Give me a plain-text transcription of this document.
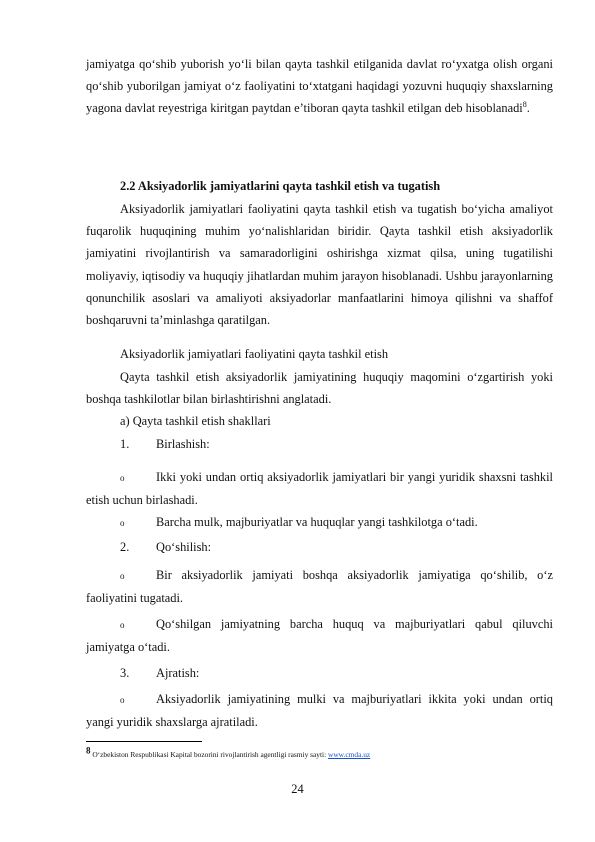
jamiyatga qo‘shib yuborish yo‘li bilan qayta tashkil etilganida davlat ro‘yxatga olish organi qo‘shib yuborilgan jamiyat o‘z faoliyatini to‘xtatgani haqidagi yozuvni huquqiy shaxslarning yagona davlat reyestriga kiritgan paytdan e’tiboran qayta tashkil etilgan deb hisoblanadi$^8$.
2.2 Aksiyadorlik jamiyatlarini qayta tashkil etish va tugatish
Aksiyadorlik jamiyatlari faoliyatini qayta tashkil etish va tugatish bo‘yicha amaliyot fuqarolik huquqining muhim yo‘nalishlaridan biridir. Qayta tashkil etish aksiyadorlik jamiyatini rivojlantirish va samaradorligini oshirishga xizmat qilsa, uning tugatilishi moliyaviy, iqtisodiy va huquqiy jihatlardan muhim jarayon hisoblanadi. Ushbu jarayonlarning qonunchilik asoslari va amaliyoti aksiyadorlar manfaatlarini himoya qilishni va shaffof boshqaruvni ta’minlashga qaratilgan.
Aksiyadorlik jamiyatlari faoliyatini qayta tashkil etish
Qayta tashkil etish aksiyadorlik jamiyatining huquqiy maqomini o‘zgartirish yoki boshqa tashkilotlar bilan birlashtirishni anglatadi.
a) Qayta tashkil etish shakllari
1. Birlashish:
o	Ikki yoki undan ortiq aksiyadorlik jamiyatlari bir yangi yuridik shaxsni tashkil etish uchun birlashadi.
o	Barcha mulk, majburiyatlar va huquqlar yangi tashkilotga o‘tadi.
2. Qo‘shilish:
o	Bir aksiyadorlik jamiyati boshqa aksiyadorlik jamiyatiga qo‘shilib, o‘z faoliyatini tugatadi.
o	Qo‘shilgan jamiyatning barcha huquq va majburiyatlari qabul qiluvchi jamiyatga o‘tadi.
3. Ajratish:
o	Aksiyadorlik jamiyatining mulki va majburiyatlari ikkita yoki undan ortiq yangi yuridik shaxslarga ajratiladi.
$^8$ O‘zbekiston Respublikasi Kapital bozorini rivojlantirish agentligi rasmiy sayti: www.cmda.uz
24
